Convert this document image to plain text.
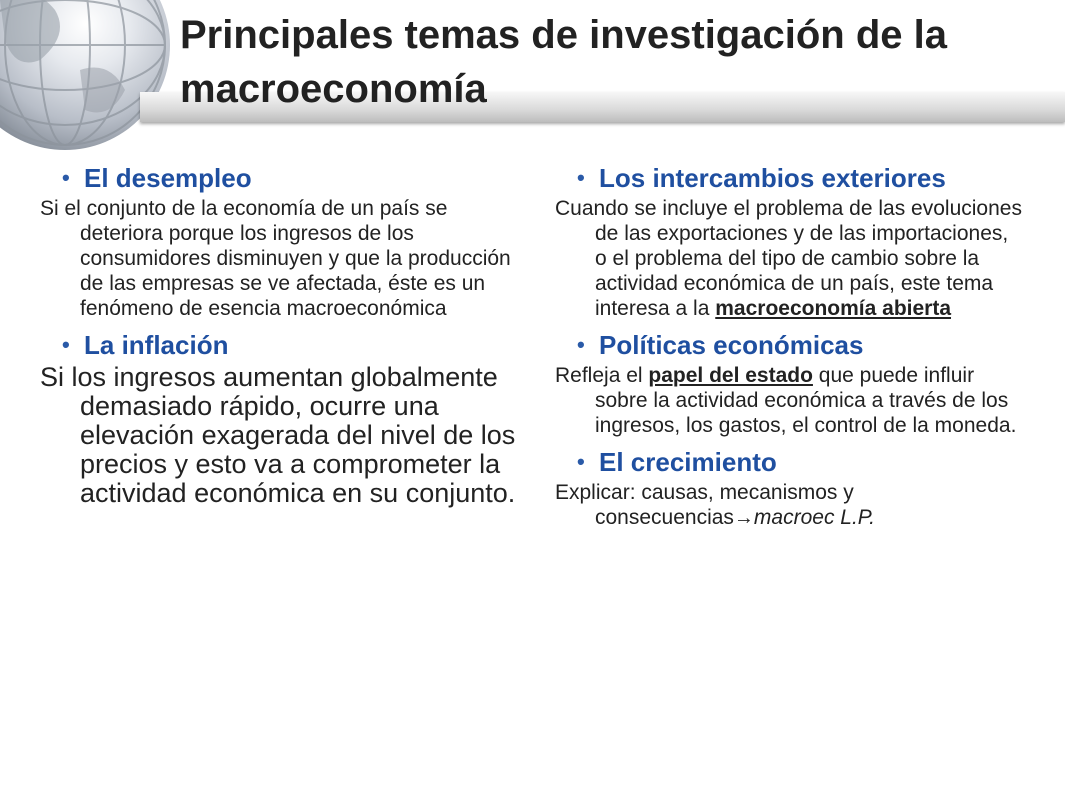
Principales temas de investigación de la macroeconomía

• El desempleo

Si el conjunto de la economía de un país se deteriora porque los ingresos de los consumidores disminuyen y que la producción de las empresas se ve afectada, éste es un fenómeno de esencia macroeconómica

• La inflación

Si los ingresos aumentan globalmente demasiado rápido, ocurre una elevación exagerada del nivel de los precios y esto va a comprometer la actividad económica en su conjunto.

• Los intercambios exteriores

Cuando se incluye el problema de las evoluciones de las exportaciones y de las importaciones, o el problema del tipo de cambio sobre la actividad económica de un país, este tema interesa a la macroeconomía abierta

• Políticas económicas

Refleja el papel del estado que puede influir sobre la actividad económica a través de los ingresos, los gastos, el control de la moneda.

• El crecimiento

Explicar: causas, mecanismos y consecuencias→macroec L.P.
